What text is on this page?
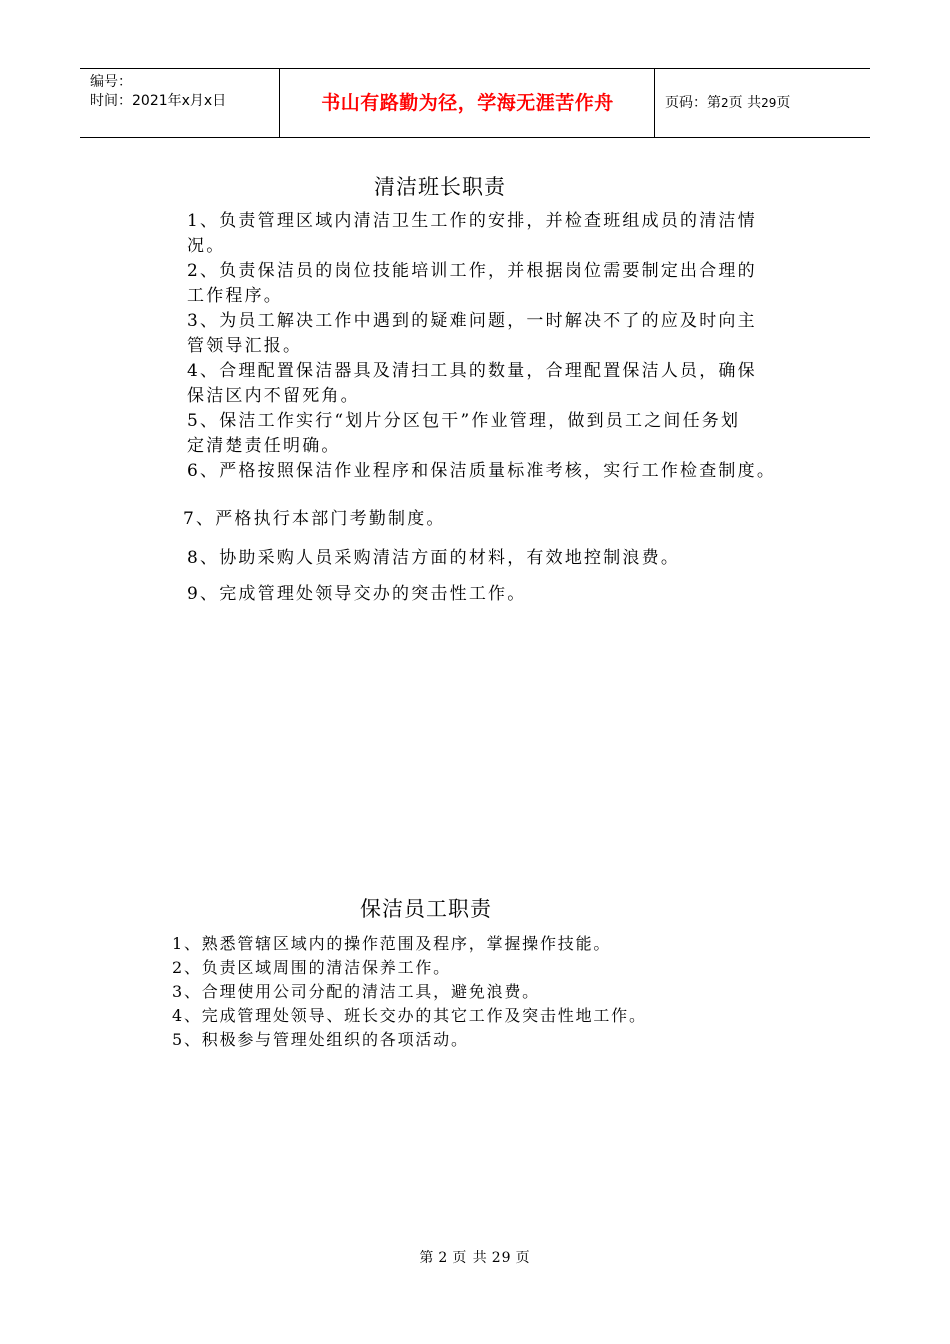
编号：
时间：2021年x月x日	书山有路勤为径，学海无涯苦作舟	页码：第2页 共29页
清洁班长职责
1、负责管理区域内清洁卫生工作的安排，并检查班组成员的清洁情
况。
2、负责保洁员的岗位技能培训工作，并根据岗位需要制定出合理的
工作程序。
3、为员工解决工作中遇到的疑难问题，一时解决不了的应及时向主
管领导汇报。
4、合理配置保洁器具及清扫工具的数量，合理配置保洁人员，确保
保洁区内不留死角。
5、保洁工作实行“划片分区包干”作业管理，做到员工之间任务划
定清楚责任明确。
6、严格按照保洁作业程序和保洁质量标准考核，实行工作检查制度。
7、严格执行本部门考勤制度。
8、协助采购人员采购清洁方面的材料，有效地控制浪费。
9、完成管理处领导交办的突击性工作。
保洁员工职责
1、熟悉管辖区域内的操作范围及程序，掌握操作技能。
2、负责区域周围的清洁保养工作。
3、合理使用公司分配的清洁工具，避免浪费。
4、完成管理处领导、班长交办的其它工作及突击性地工作。
5、积极参与管理处组织的各项活动。
第 2 页 共 29 页
